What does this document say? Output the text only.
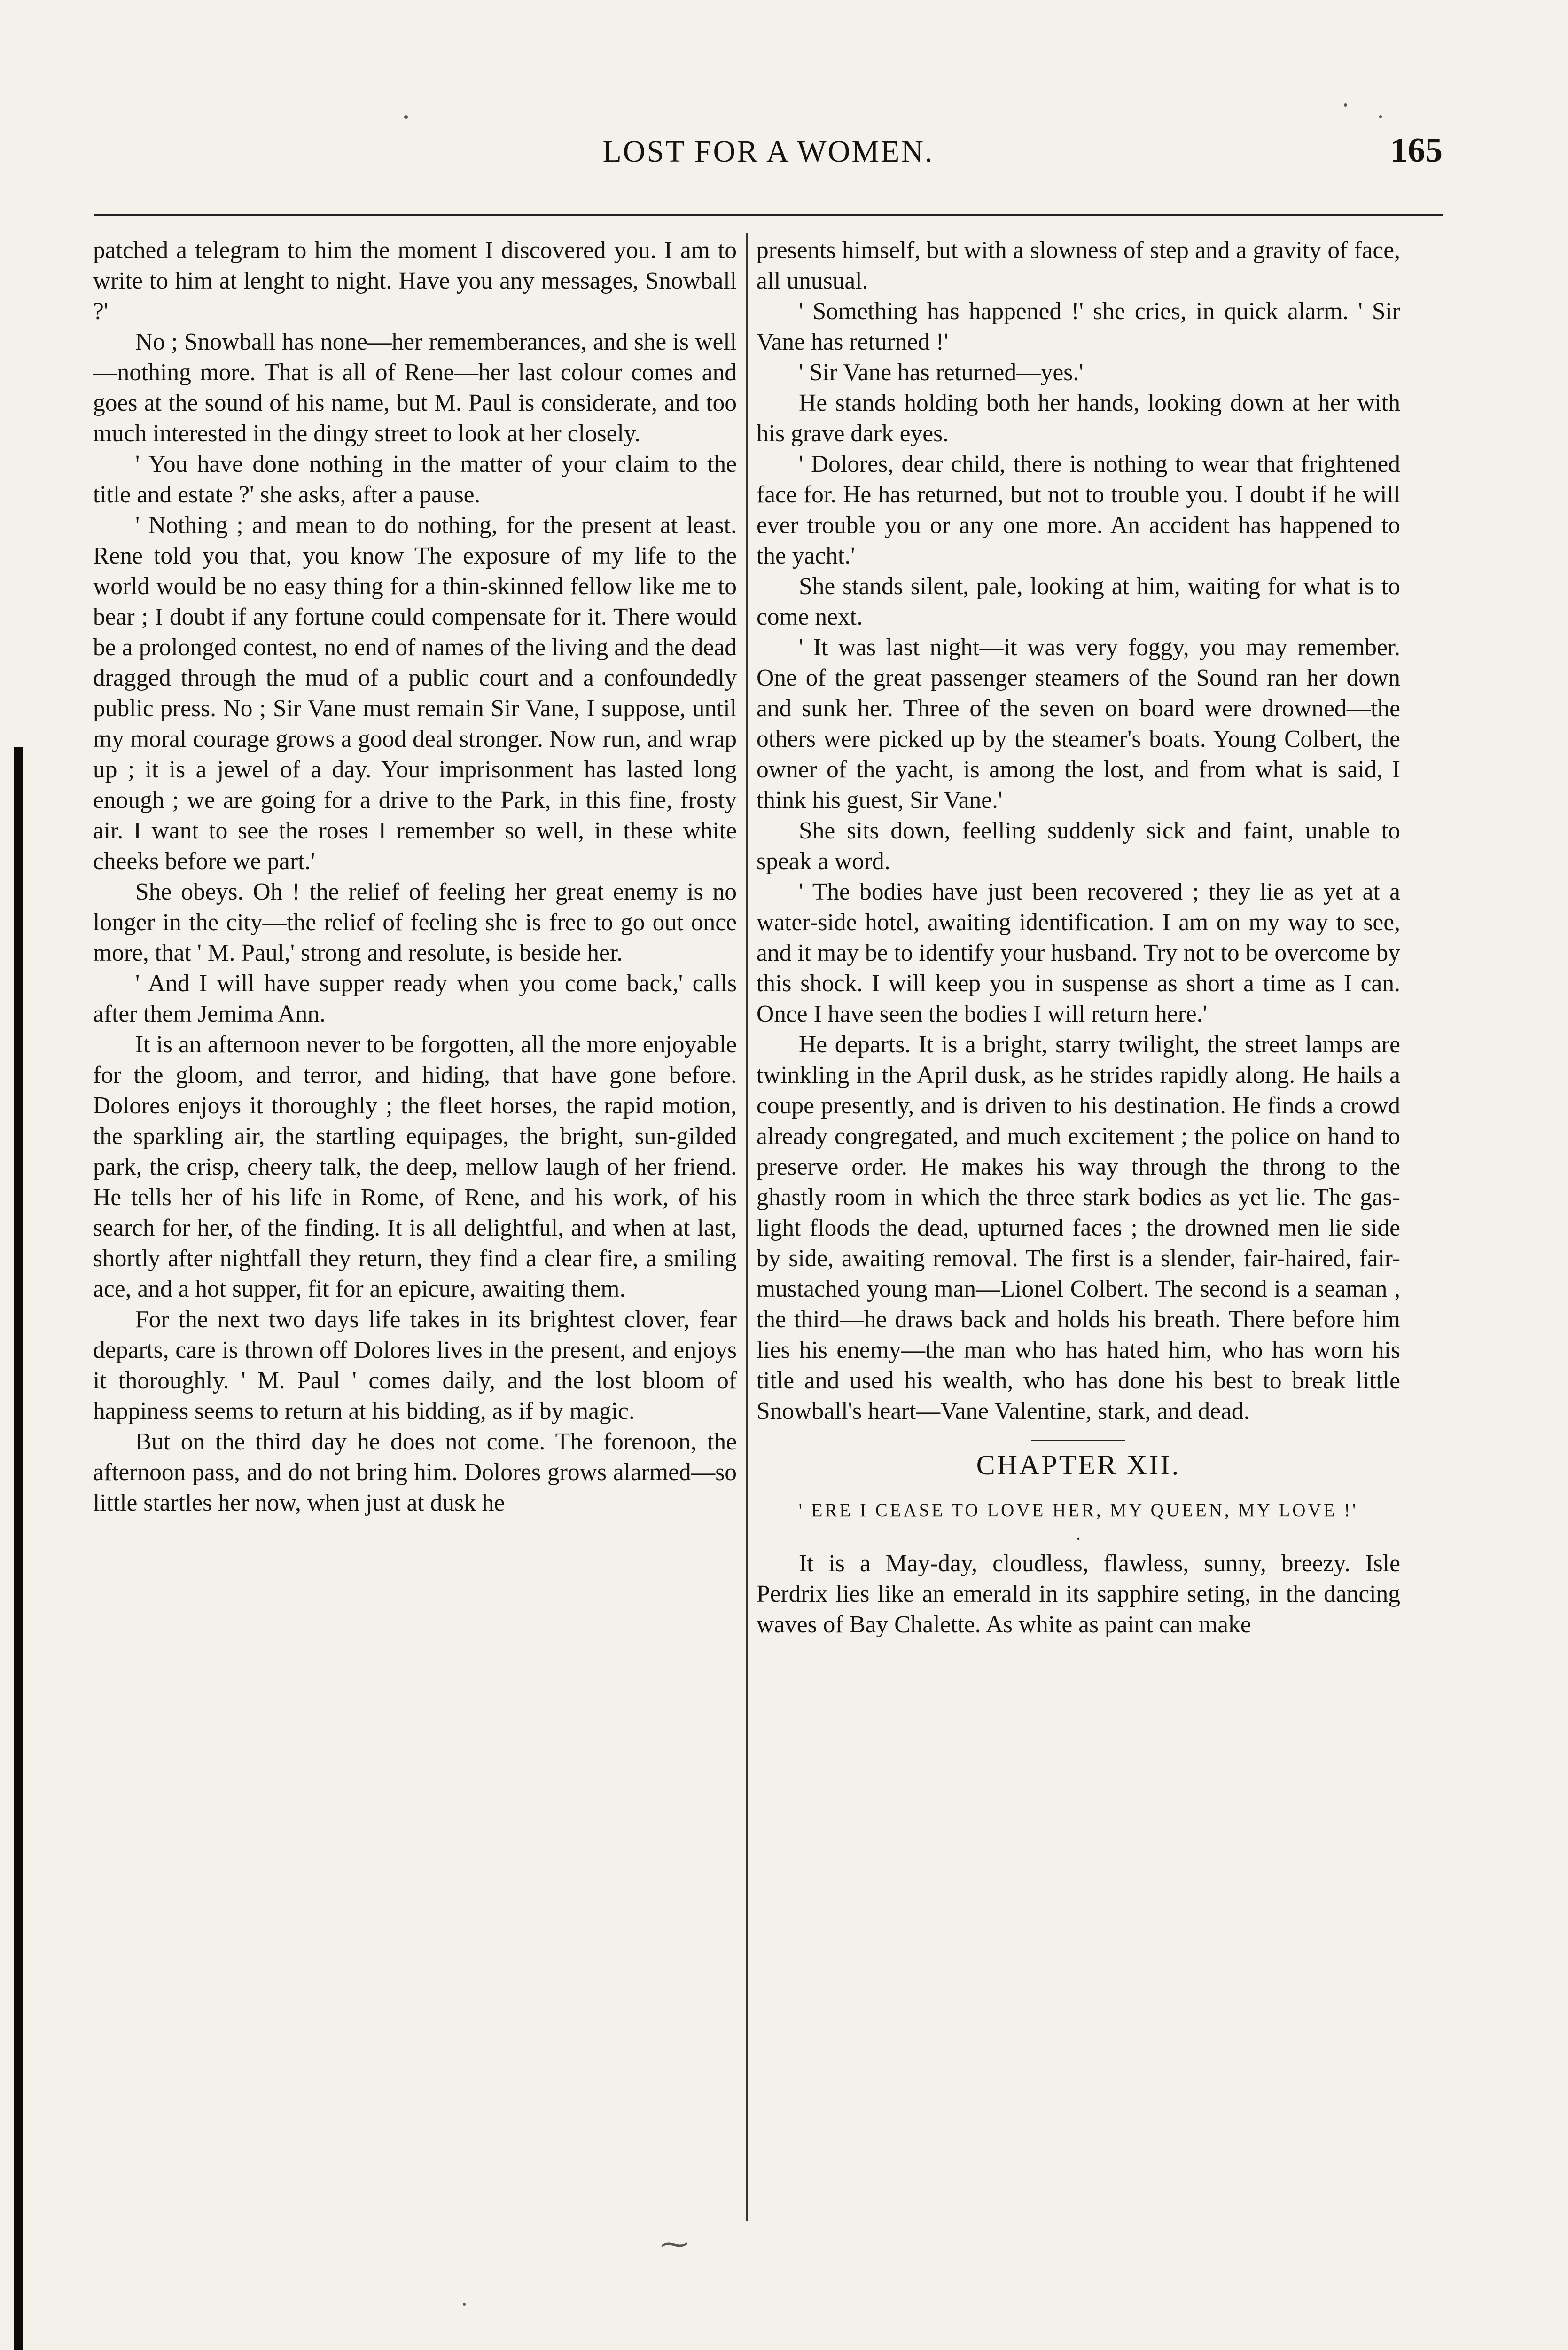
LOST FOR A WOMEN.	165

patched a telegram to him the moment I discovered you. I am to write to him at lenght to night. Have you any messages, Snowball ?'

No ; Snowball has none—her rememberances, and she is well—nothing more. That is all of Rene—her last colour comes and goes at the sound of his name, but M. Paul is considerate, and too much interested in the dingy street to look at her closely.

' You have done nothing in the matter of your claim to the title and estate ?' she asks, after a pause.

' Nothing ; and mean to do nothing, for the present at least. Rene told you that, you know The exposure of my life to the world would be no easy thing for a thin-skinned fellow like me to bear ; I doubt if any fortune could compensate for it. There would be a prolonged contest, no end of names of the living and the dead dragged through the mud of a public court and a confoundedly public press. No ; Sir Vane must remain Sir Vane, I suppose, until my moral courage grows a good deal stronger. Now run, and wrap up ; it is a jewel of a day. Your imprisonment has lasted long enough ; we are going for a drive to the Park, in this fine, frosty air. I want to see the roses I remember so well, in these white cheeks before we part.'

She obeys. Oh ! the relief of feeling her great enemy is no longer in the city—the relief of feeling she is free to go out once more, that ' M. Paul,' strong and resolute, is beside her.

' And I will have supper ready when you come back,' calls after them Jemima Ann.

It is an afternoon never to be forgotten, all the more enjoyable for the gloom, and terror, and hiding, that have gone before. Dolores enjoys it thoroughly ; the fleet horses, the rapid motion, the sparkling air, the startling equipages, the bright, sun-gilded park, the crisp, cheery talk, the deep, mellow laugh of her friend. He tells her of his life in Rome, of Rene, and his work, of his search for her, of the finding. It is all delightful, and when at last, shortly after nightfall they return, they find a clear fire, a smiling ace, and a hot supper, fit for an epicure, awaiting them.

For the next two days life takes in its brightest clover, fear departs, care is thrown off Dolores lives in the present, and enjoys it thoroughly. ' M. Paul ' comes daily, and the lost bloom of happiness seems to return at his bidding, as if by magic.

But on the third day he does not come. The forenoon, the afternoon pass, and do not bring him. Dolores grows alarmed—so little startles her now, when just at dusk he

presents himself, but with a slowness of step and a gravity of face, all unusual.

' Something has happened !' she cries, in quick alarm. ' Sir Vane has returned !'

' Sir Vane has returned—yes.'

He stands holding both her hands, looking down at her with his grave dark eyes.

' Dolores, dear child, there is nothing to wear that frightened face for. He has returned, but not to trouble you. I doubt if he will ever trouble you or any one more. An accident has happened to the yacht.'

She stands silent, pale, looking at him, waiting for what is to come next.

' It was last night—it was very foggy, you may remember. One of the great passenger steamers of the Sound ran her down and sunk her. Three of the seven on board were drowned—the others were picked up by the steamer's boats. Young Colbert, the owner of the yacht, is among the lost, and from what is said, I think his guest, Sir Vane.'

She sits down, feelling suddenly sick and faint, unable to speak a word.

' The bodies have just been recovered ; they lie as yet at a water-side hotel, awaiting identification. I am on my way to see, and it may be to identify your husband. Try not to be overcome by this shock. I will keep you in suspense as short a time as I can. Once I have seen the bodies I will return here.'

He departs. It is a bright, starry twilight, the street lamps are twinkling in the April dusk, as he strides rapidly along. He hails a coupe presently, and is driven to his destination. He finds a crowd already congregated, and much excitement ; the police on hand to preserve order. He makes his way through the throng to the ghastly room in which the three stark bodies as yet lie. The gas-light floods the dead, upturned faces ; the drowned men lie side by side, awaiting removal. The first is a slender, fair-haired, fair-mustached young man—Lionel Colbert. The second is a seaman , the third—he draws back and holds his breath. There before him lies his enemy—the man who has hated him, who has worn his title and used his wealth, who has done his best to break little Snowball's heart—Vane Valentine, stark, and dead.

CHAPTER XII.
' ERE I CEASE TO LOVE HER, MY QUEEN, MY LOVE !'
·

It is a May-day, cloudless, flawless, sunny, breezy. Isle Perdrix lies like an emerald in its sapphire seting, in the dancing waves of Bay Chalette. As white as paint can make

⁓
